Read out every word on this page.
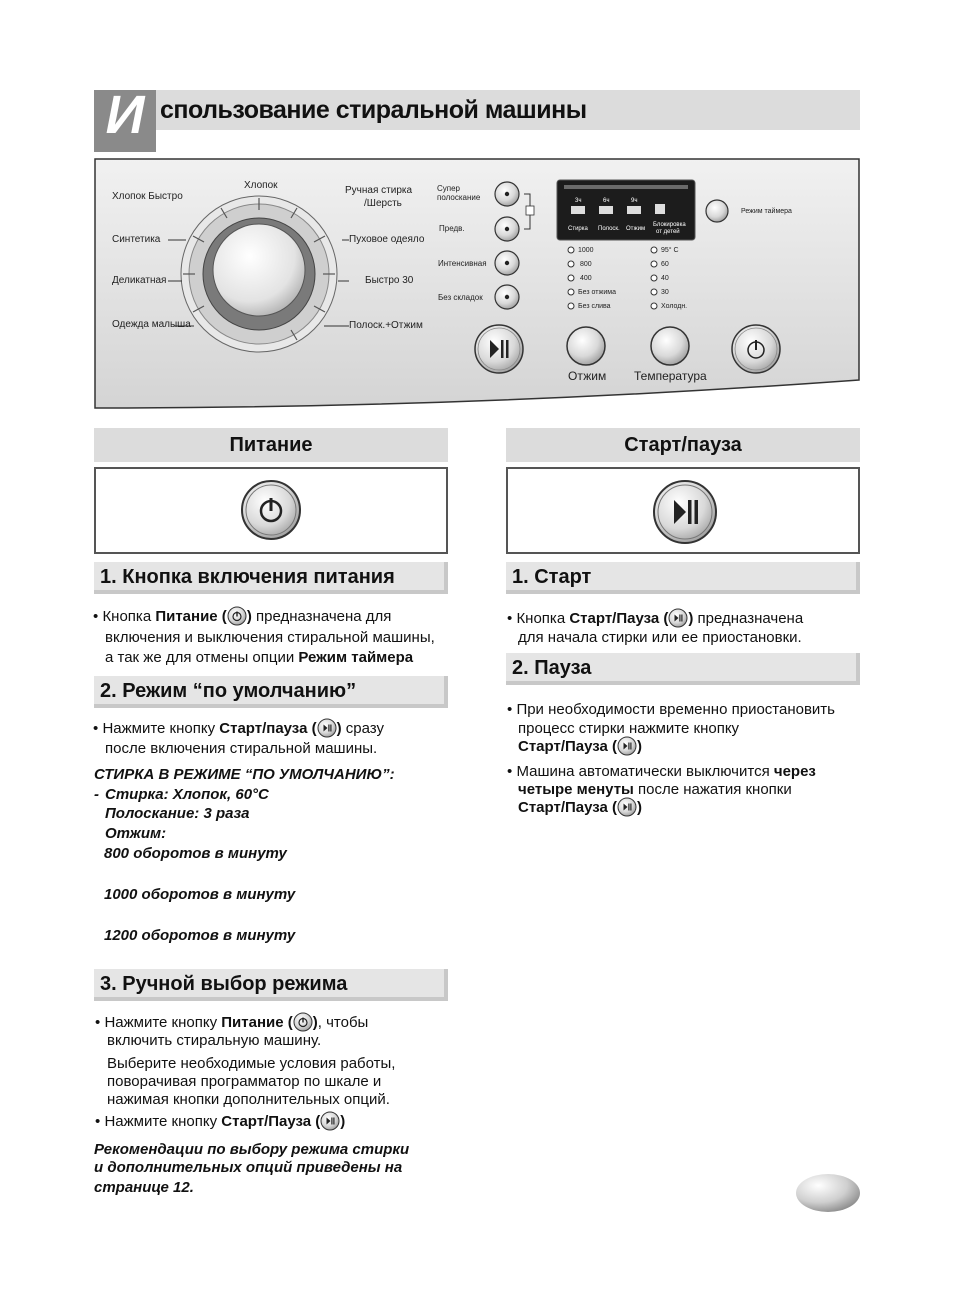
И спользование стиральной машины
Хлопок
Хлопок Быстро
Синтетика
Деликатная
Одежда малыша
Ручная стирка
/Шерсть
Пуховое одеяло
Быстро 30
Полоск.+Отжим
Супер
полоскание
Предв.
Интенсивная
Без складок
3ч	6ч	9ч
Стирка Полоск. Отжим
Блокировка
от детей
Режим таймера
1000
800
400
Без отжима
Без слива
95° C
60
40
30
Холодн.
Отжим Температура
Питание
1. Кнопка включения питания
• Кнопка Питание ( ) предназначена для
включения и выключения стиральной машины,
а так же для отмены опции Режим таймера
2. Режим “по умолчанию”
• Нажмите кнопку Старт/пауза ( ) сразу
после включения стиральной машины.
СТИРКА В РЕЖИМЕ “ПО УМОЛЧАНИЮ”:
- Стирка: Хлопок, 60°С
Полоскание: 3 раза
Отжим:
800 оборотов в минуту
1000 оборотов в минуту
1200 оборотов в минуту
3. Ручной выбор режима
• Нажмите кнопку Питание ( ), чтобы
включить стиральную машину.
Выберите необходимые условия работы,
поворачивая программатор по шкале и
нажимая кнопки дополнительных опций.
• Нажмите кнопку Старт/Пауза ( )
Рекомендации по выбору режима стирки
и дополнительных опций приведены на
странице 12.
Старт/пауза
1. Старт
• Кнопка Старт/Пауза ( ) предназначена
для начала стирки или ее приостановки.
2. Пауза
• При необходимости временно приостановить
процесс стирки нажмите кнопку
Старт/Пауза ( )
• Машина автоматически выключится через
четыре менуты после нажатия кнопки
Старт/Пауза ( )
